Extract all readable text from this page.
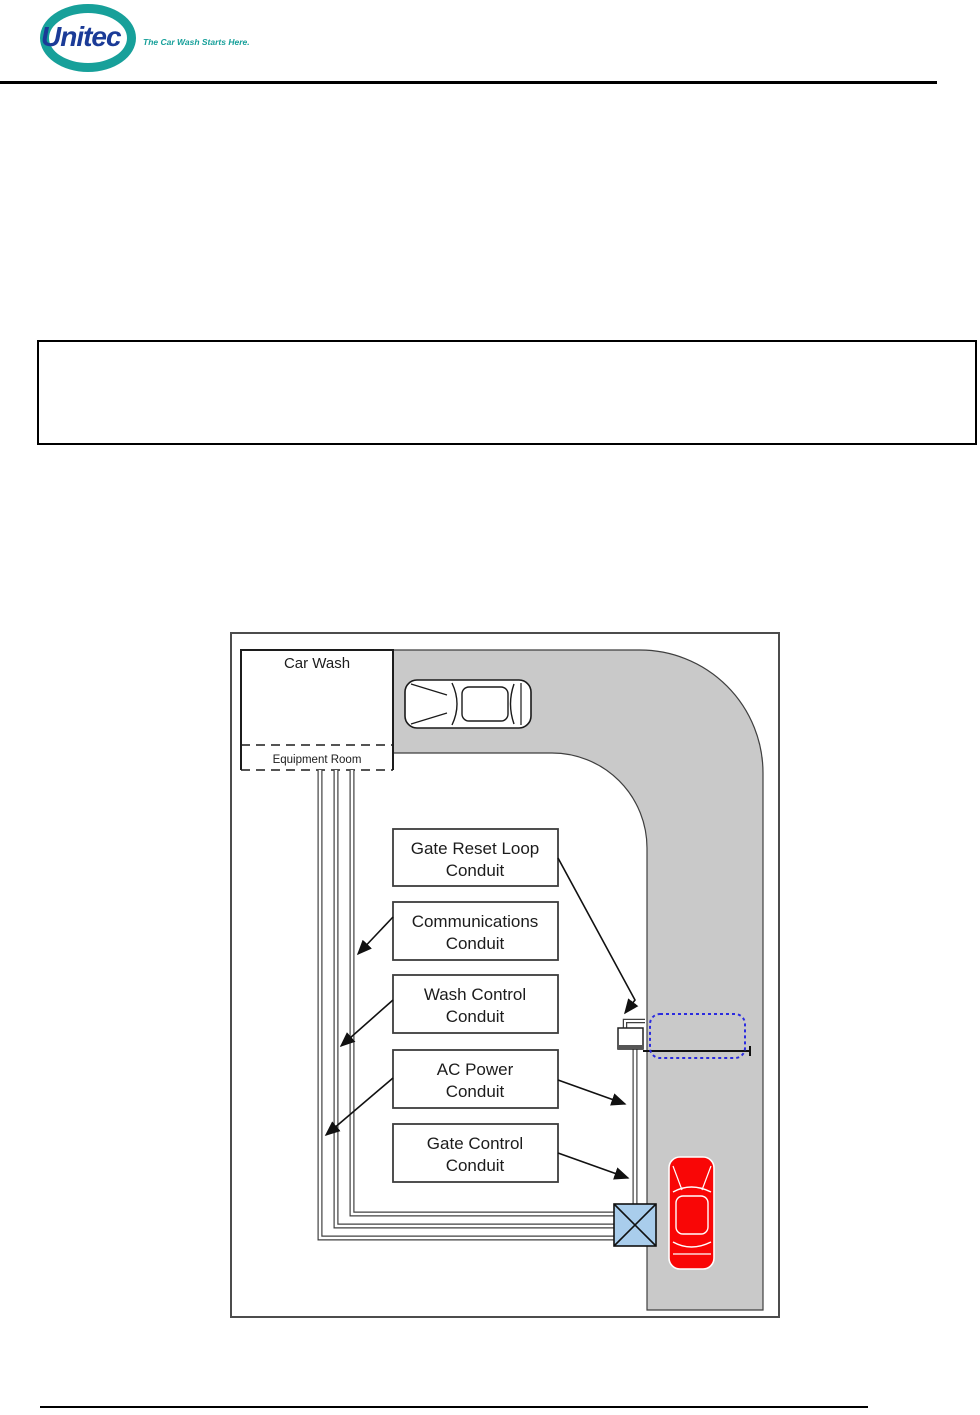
Unitec	The Car Wash Starts Here.
Car Wash
Equipment Room
Gate Reset Loop
Conduit
Communications
Conduit
Wash Control
Conduit
AC Power
Conduit
Gate Control
Conduit
